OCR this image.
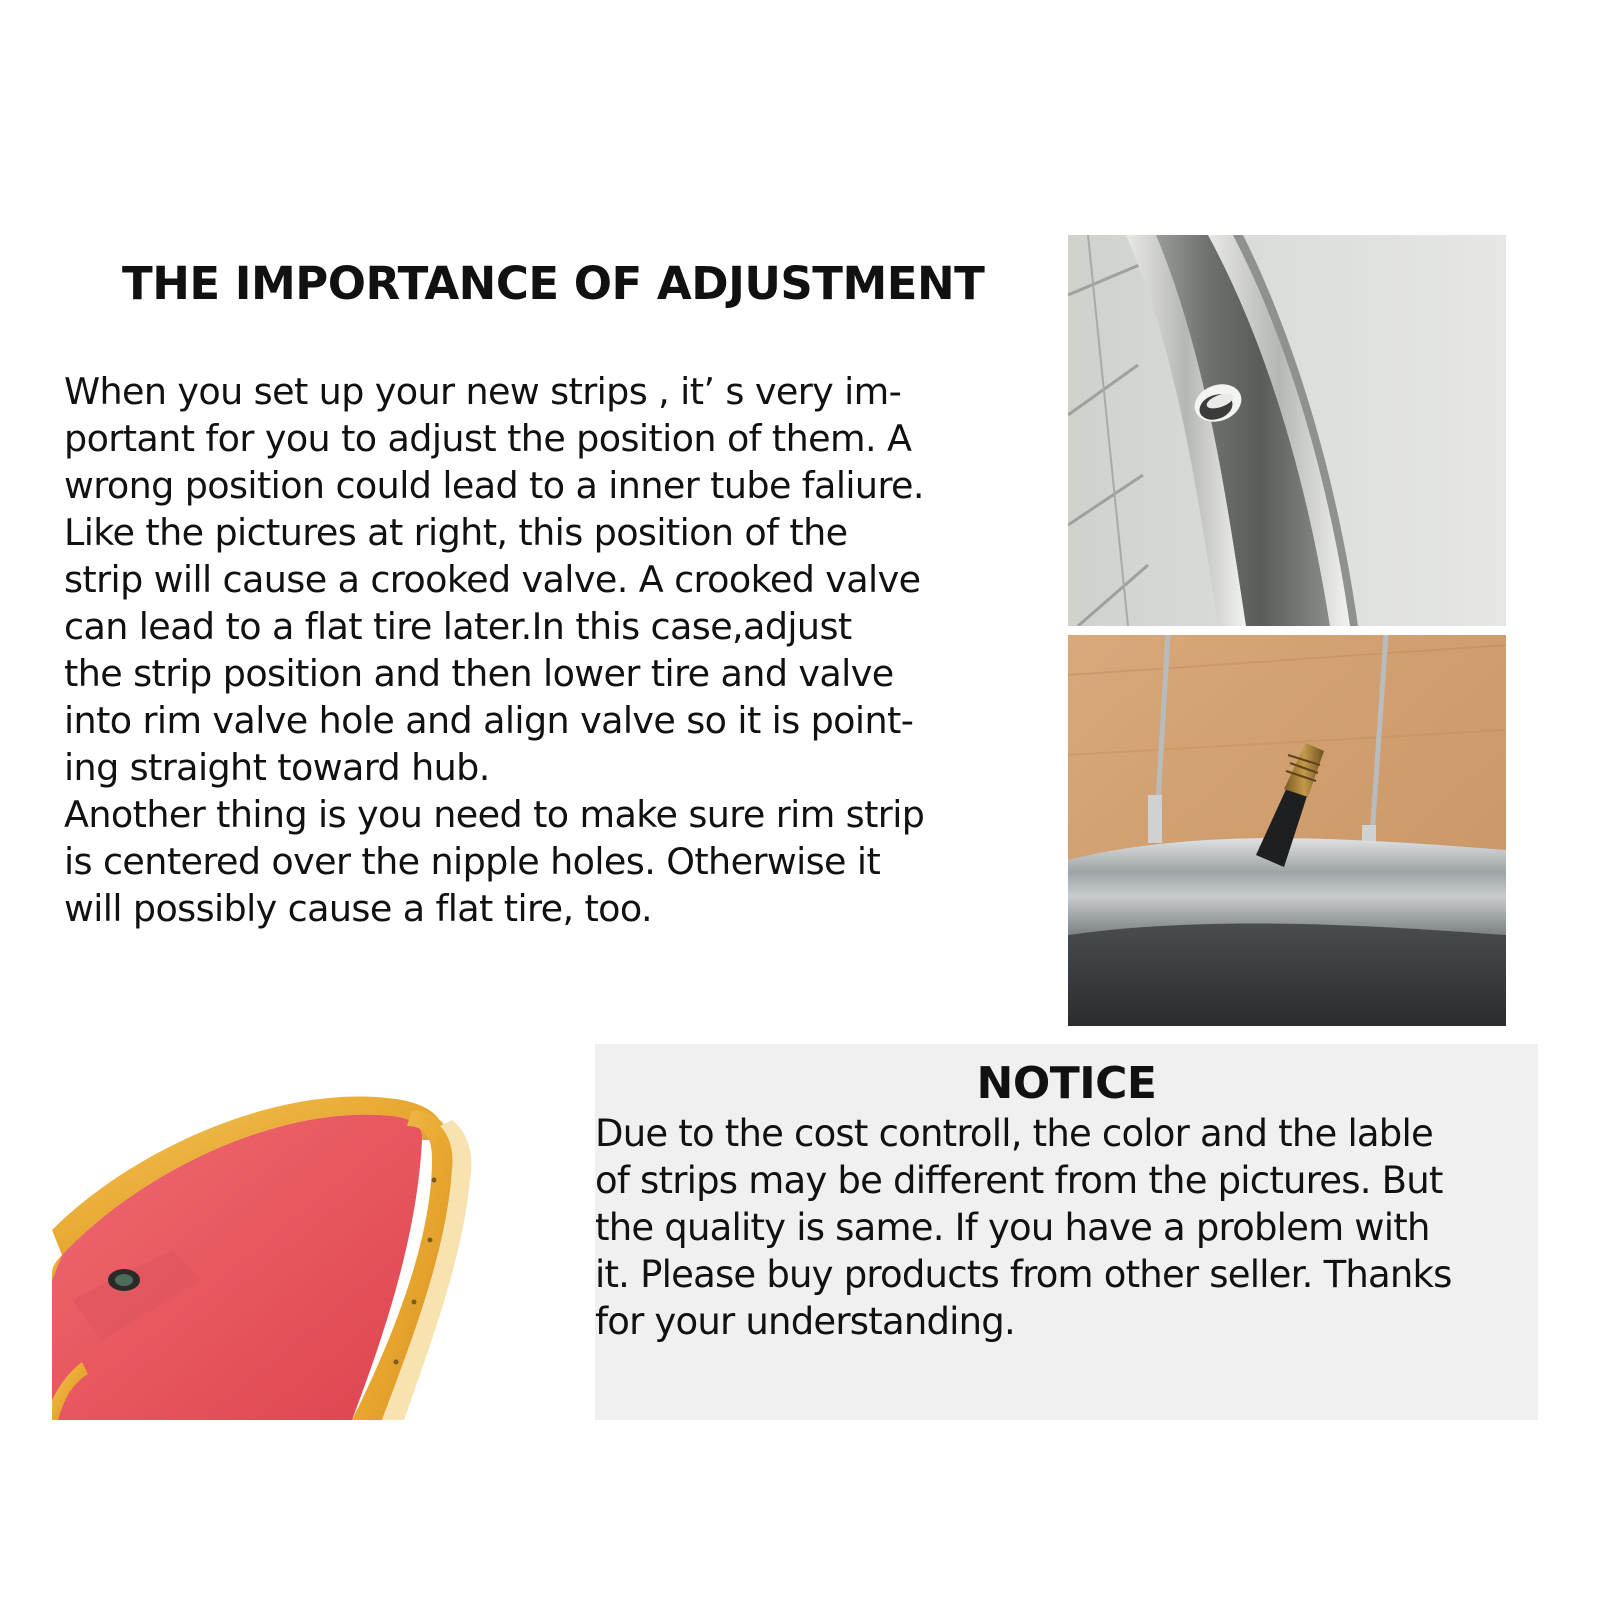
THE IMPORTANCE OF ADJUSTMENT
When you set up your new strips , it’ s very im-
portant for you to adjust the position of them. A
wrong position could lead to a inner tube faliure.
Like the pictures at right, this position of the
strip will cause a crooked valve. A crooked valve
can lead to a flat tire later.In this case,adjust
the strip position and then lower tire and valve
into rim valve hole and align valve so it is point-
ing straight toward hub.
Another thing is you need to make sure rim strip
is centered over the nipple holes. Otherwise it
will possibly cause a flat tire, too.
NOTICE
Due to the cost controll, the color and the lable
of strips may be different from the pictures. But
the quality is same. If you have a problem with
it. Please buy products from other seller. Thanks
for your understanding.
